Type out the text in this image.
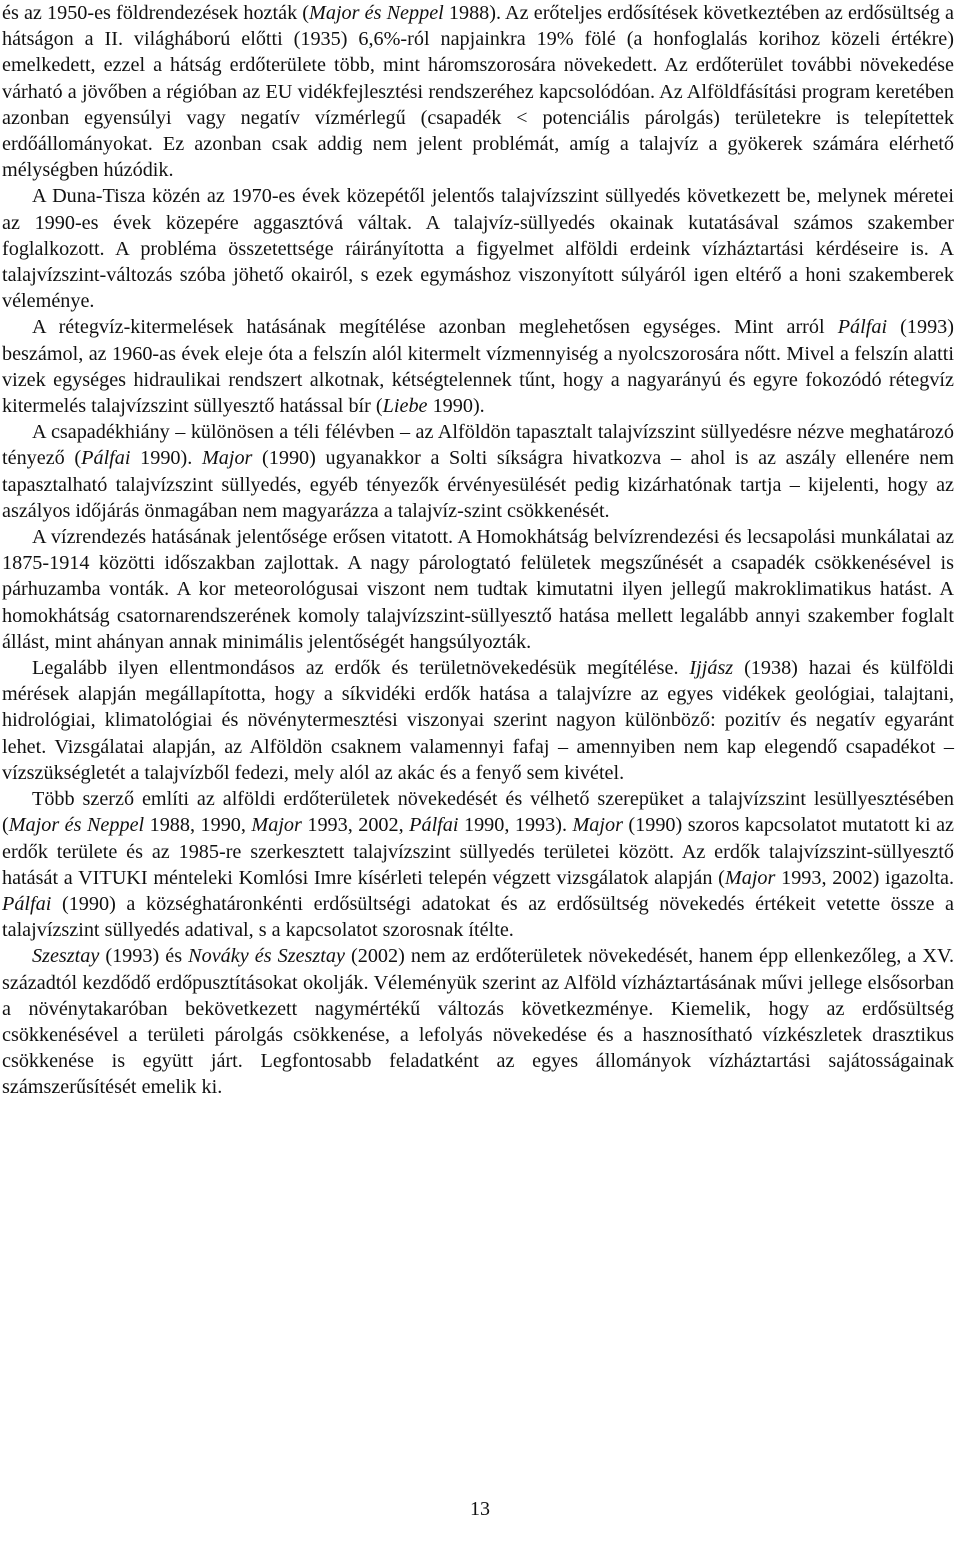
és az 1950-es földrendezések hozták (Major és Neppel 1988). Az erőteljes erdősítések következtében az erdősültség a hátságon a II. világháború előtti (1935) 6,6%-ról napjainkra 19% fölé (a honfoglalás korihoz közeli értékre) emelkedett, ezzel a hátság erdőterülete több, mint háromszorosára növekedett. Az erdőterület további növekedése várható a jövőben a régióban az EU vidékfejlesztési rendszeréhez kapcsolódóan. Az Alföldfásítási program keretében azonban egyensúlyi vagy negatív vízmérlegű (csapadék < potenciális párolgás) területekre is telepítettek erdőállományokat. Ez azonban csak addig nem jelent problémát, amíg a talajvíz a gyökerek számára elérhető mélységben húzódik.

A Duna-Tisza közén az 1970-es évek közepétől jelentős talajvízszint süllyedés következett be, melynek méretei az 1990-es évek közepére aggasztóvá váltak. A talajvíz-süllyedés okainak kutatásával számos szakember foglalkozott. A probléma összetettsége ráirányította a figyelmet alföldi erdeink vízháztartási kérdéseire is. A talajvízszint-változás szóba jöhető okairól, s ezek egymáshoz viszonyított súlyáról igen eltérő a honi szakemberek véleménye.

A rétegvíz-kitermelések hatásának megítélése azonban meglehetősen egységes. Mint arról Pálfai (1993) beszámol, az 1960-as évek eleje óta a felszín alól kitermelt vízmennyiség a nyolcszorosára nőtt. Mivel a felszín alatti vizek egységes hidraulikai rendszert alkotnak, kétségtelennek tűnt, hogy a nagyarányú és egyre fokozódó rétegvíz kitermelés talajvízszint süllyesztő hatással bír (Liebe 1990).

A csapadékhiány – különösen a téli félévben – az Alföldön tapasztalt talajvízszint süllyedésre nézve meghatározó tényező (Pálfai 1990). Major (1990) ugyanakkor a Solti síkságra hivatkozva – ahol is az aszály ellenére nem tapasztalható talajvízszint süllyedés, egyéb tényezők érvényesülését pedig kizárhatónak tartja – kijelenti, hogy az aszályos időjárás önmagában nem magyarázza a talajvíz-szint csökkenését.

A vízrendezés hatásának jelentősége erősen vitatott. A Homokhátság belvízrendezési és lecsapolási munkálatai az 1875-1914 közötti időszakban zajlottak. A nagy párologtató felületek megszűnését a csapadék csökkenésével is párhuzamba vonták. A kor meteorológusai viszont nem tudtak kimutatni ilyen jellegű makroklimatikus hatást. A homokhátság csatornarendszerének komoly talajvízszint-süllyesztő hatása mellett legalább annyi szakember foglalt állást, mint ahányan annak minimális jelentőségét hangsúlyozták.

Legalább ilyen ellentmondásos az erdők és területnövekedésük megítélése. Ijjász (1938) hazai és külföldi mérések alapján megállapította, hogy a síkvidéki erdők hatása a talajvízre az egyes vidékek geológiai, talajtani, hidrológiai, klimatológiai és növénytermesztési viszonyai szerint nagyon különböző: pozitív és negatív egyaránt lehet. Vizsgálatai alapján, az Alföldön csaknem valamennyi fafaj – amennyiben nem kap elegendő csapadékot – vízszükségletét a talajvízből fedezi, mely alól az akác és a fenyő sem kivétel.

Több szerző említi az alföldi erdőterületek növekedését és vélhető szerepüket a talajvízszint lesüllyesztésében (Major és Neppel 1988, 1990, Major 1993, 2002, Pálfai 1990, 1993). Major (1990) szoros kapcsolatot mutatott ki az erdők területe és az 1985-re szerkesztett talajvízszint süllyedés területei között. Az erdők talajvízszint-süllyesztő hatását a VITUKI ménteleki Komlósi Imre kísérleti telepén végzett vizsgálatok alapján (Major 1993, 2002) igazolta. Pálfai (1990) a községhatáronkénti erdősültségi adatokat és az erdősültség növekedés értékeit vetette össze a talajvízszint süllyedés adatival, s a kapcsolatot szorosnak ítélte.

Szesztay (1993) és Nováky és Szesztay (2002) nem az erdőterületek növekedését, hanem épp ellenkezőleg, a XV. századtól kezdődő erdőpusztításokat okolják. Véleményük szerint az Alföld vízháztartásának művi jellege elsősorban a növénytakaróban bekövetkezett nagymértékű változás következménye. Kiemelik, hogy az erdősültség csökkenésével a területi párolgás csökkenése, a lefolyás növekedése és a hasznosítható vízkészletek drasztikus csökkenése is együtt járt. Legfontosabb feladatként az egyes állományok vízháztartási sajátosságainak számszerűsítését emelik ki.

13
